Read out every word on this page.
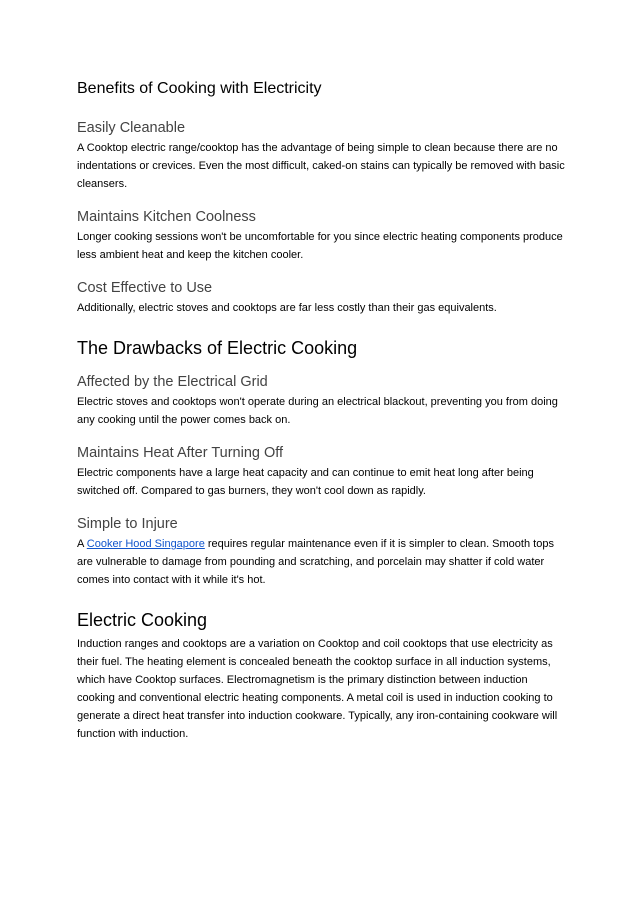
Benefits of Cooking with Electricity
Easily Cleanable

A Cooktop electric range/cooktop has the advantage of being simple to clean because there are no indentations or crevices. Even the most difficult, caked-on stains can typically be removed with basic cleansers.

Maintains Kitchen Coolness

Longer cooking sessions won't be uncomfortable for you since electric heating components produce less ambient heat and keep the kitchen cooler.

Cost Effective to Use

Additionally, electric stoves and cooktops are far less costly than their gas equivalents.

The Drawbacks of Electric Cooking
Affected by the Electrical Grid

Electric stoves and cooktops won't operate during an electrical blackout, preventing you from doing any cooking until the power comes back on.

Maintains Heat After Turning Off

Electric components have a large heat capacity and can continue to emit heat long after being switched off. Compared to gas burners, they won't cool down as rapidly.

Simple to Injure

A Cooker Hood Singapore requires regular maintenance even if it is simpler to clean. Smooth tops are vulnerable to damage from pounding and scratching, and porcelain may shatter if cold water comes into contact with it while it's hot.

Electric Cooking

Induction ranges and cooktops are a variation on Cooktop and coil cooktops that use electricity as their fuel. The heating element is concealed beneath the cooktop surface in all induction systems, which have Cooktop surfaces. Electromagnetism is the primary distinction between induction cooking and conventional electric heating components. A metal coil is used in induction cooking to generate a direct heat transfer into induction cookware. Typically, any iron-containing cookware will function with induction.
